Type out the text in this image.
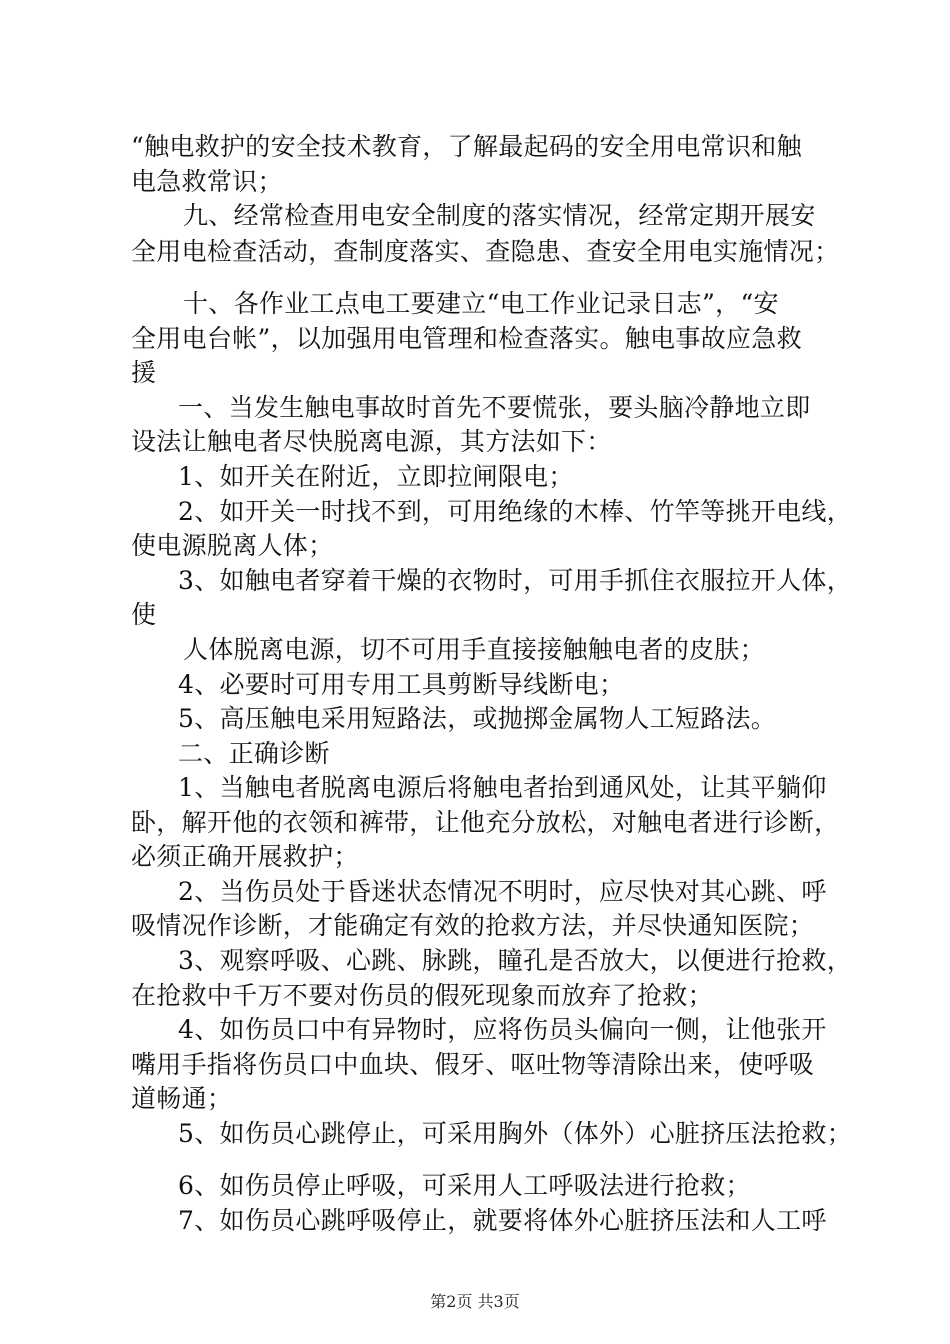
“触电救护的安全技术教育，了解最起码的安全用电常识和触
电急救常识；
九、经常检查用电安全制度的落实情况，经常定期开展安
全用电检查活动，查制度落实、查隐患、查安全用电实施情况；
十、各作业工点电工要建立“电工作业记录日志”，“安
全用电台帐”，以加强用电管理和检查落实。触电事故应急救
援
一、当发生触电事故时首先不要慌张，要头脑冷静地立即
设法让触电者尽快脱离电源，其方法如下：
1、如开关在附近，立即拉闸限电；
2、如开关一时找不到，可用绝缘的木棒、竹竿等挑开电线，
使电源脱离人体；
3、如触电者穿着干燥的衣物时，可用手抓住衣服拉开人体，
使
人体脱离电源，切不可用手直接接触触电者的皮肤；
4、必要时可用专用工具剪断导线断电；
5、高压触电采用短路法，或抛掷金属物人工短路法。
二、正确诊断
1、当触电者脱离电源后将触电者抬到通风处，让其平躺仰
卧，解开他的衣领和裤带，让他充分放松，对触电者进行诊断，
必须正确开展救护；
2、当伤员处于昏迷状态情况不明时，应尽快对其心跳、呼
吸情况作诊断，才能确定有效的抢救方法，并尽快通知医院；
3、观察呼吸、心跳、脉跳，瞳孔是否放大，以便进行抢救，
在抢救中千万不要对伤员的假死现象而放弃了抢救；
4、如伤员口中有异物时，应将伤员头偏向一侧，让他张开
嘴用手指将伤员口中血块、假牙、呕吐物等清除出来，使呼吸
道畅通；
5、如伤员心跳停止，可采用胸外（体外）心脏挤压法抢救；
6、如伤员停止呼吸，可采用人工呼吸法进行抢救；
7、如伤员心跳呼吸停止，就要将体外心脏挤压法和人工呼
第2页 共3页
